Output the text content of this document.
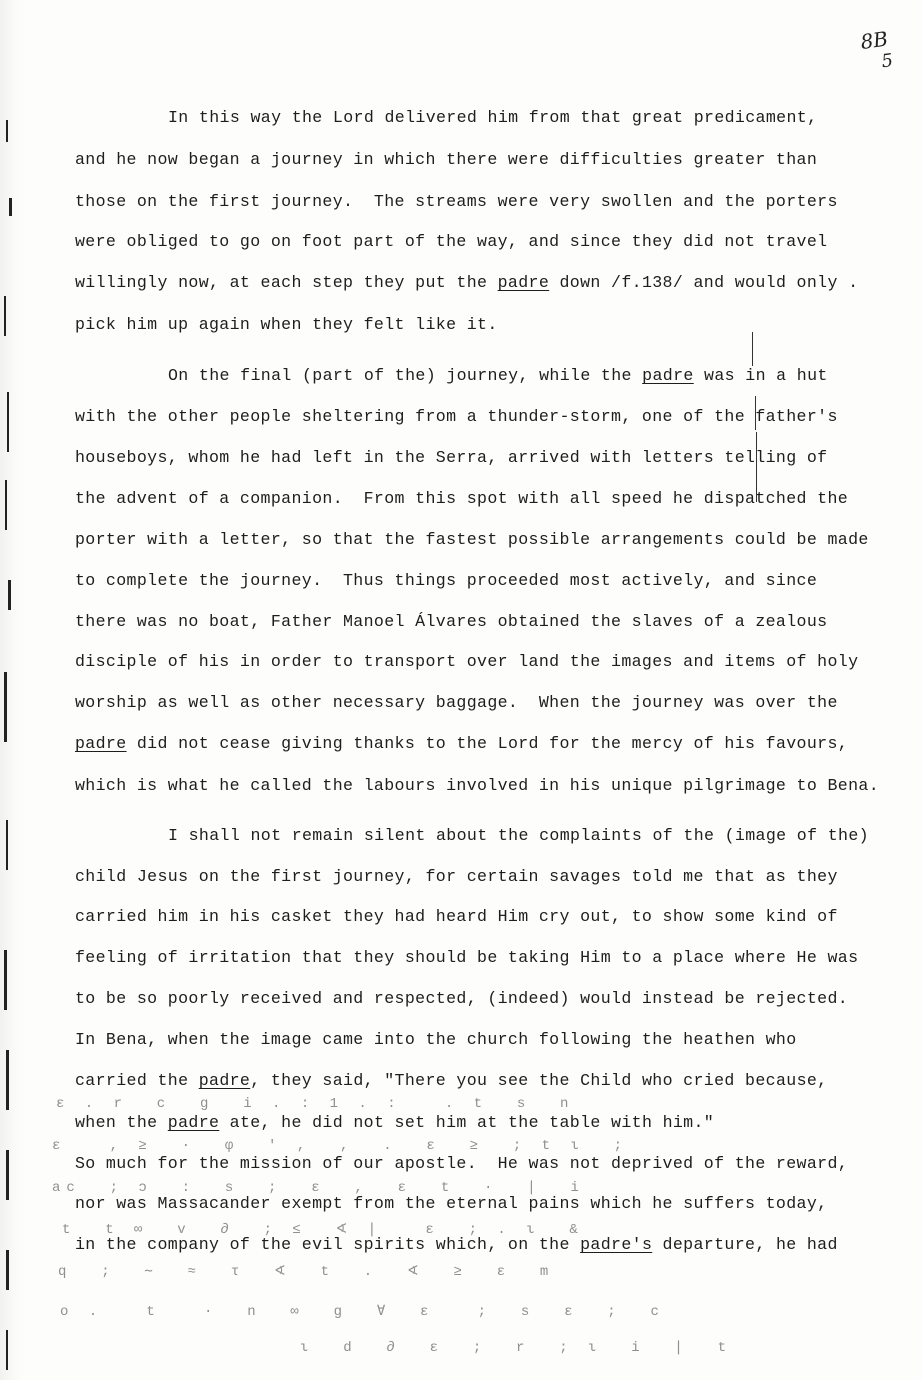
8B
5
In this way the Lord delivered him from that great predicament,
and he now began a journey in which there were difficulties greater than
those on the first journey.  The streams were very swollen and the porters
were obliged to go on foot part of the way, and since they did not travel
willingly now, at each step they put the padre down /f.138/ and would only .
pick him up again when they felt like it.
On the final (part of the) journey, while the padre was in a hut
with the other people sheltering from a thunder-storm, one of the father's
houseboys, whom he had left in the Serra, arrived with letters telling of
the advent of a companion.  From this spot with all speed he dispatched the
porter with a letter, so that the fastest possible arrangements could be made
to complete the journey.  Thus things proceeded most actively, and since
there was no boat, Father Manoel Álvares obtained the slaves of a zealous
disciple of his in order to transport over land the images and items of holy
worship as well as other necessary baggage.  When the journey was over the
padre did not cease giving thanks to the Lord for the mercy of his favours,
which is what he called the labours involved in his unique pilgrimage to Bena.
I shall not remain silent about the complaints of the (image of the)
child Jesus on the first journey, for certain savages told me that as they
carried him in his casket they had heard Him cry out, to show some kind of
feeling of irritation that they should be taking Him to a place where He was
to be so poorly received and respected, (indeed) would instead be rejected.
In Bena, when the image came into the church following the heathen who
carried the padre, they said, "There you see the Child who cried because,
when the padre ate, he did not set him at the table with him."
So much for the mission of our apostle.  He was not deprived of the reward,
nor was Massacander exempt from the eternal pains which he suffers today,
in the company of the evil spirits which, on the padre's departure, he had
ε . r  c  g  i . : 1 . :   . t  s  n
ε   , ≥  ·  φ  ' ,  ,  .  ε  ≥  ; t ι  ;
ac  ; ɔ  :  s  ;  ɛ  ,  ε  t  ∙  ∣  i
t  t ∞  v  ∂  ; ≤  ∢ ∣   ε  ; . ι  &
q  ;  ∼  ≈  τ  ∢  t  .  ∢  ≥  ε  m
o .   t   ·  n  ∞  g  ∀  ε   ;  s  ε  ;  c
ι  d  ∂  ε  ;  r  ; ι  i  ∣  t
